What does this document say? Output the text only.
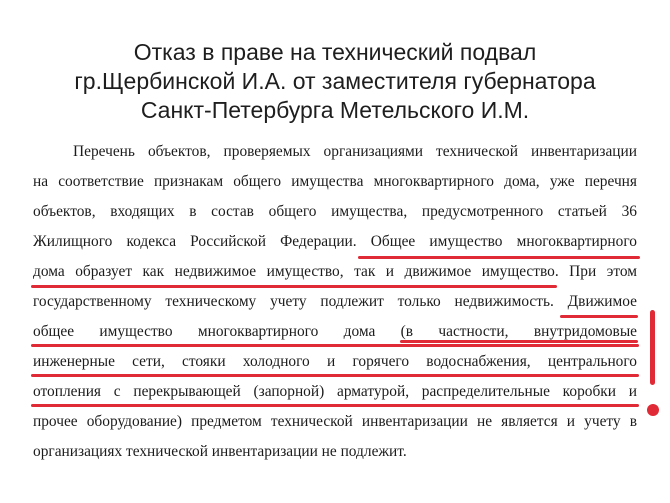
Отказ в праве на технический подвал
гр.Щербинской И.А. от заместителя губернатора
Санкт-Петербурга Метельского И.М.
Перечень объектов, проверяемых организациями технической инвентаризации
на соответствие признакам общего имущества многоквартирного дома, уже перечня
объектов, входящих в состав общего имущества, предусмотренного статьей 36
Жилищного кодекса Российской Федерации. Общее имущество многоквартирного
дома образует как недвижимое имущество, так и движимое имущество. При этом
государственному техническому учету подлежит только недвижимость. Движимое
общее имущество многоквартирного дома (в частности, внутридомовые
инженерные сети, стояки холодного и горячего водоснабжения, центрального
отопления с перекрывающей (запорной) арматурой, распределительные коробки и
прочее оборудование) предметом технической инвентаризации не является и учету в
организациях технической инвентаризации не подлежит.
